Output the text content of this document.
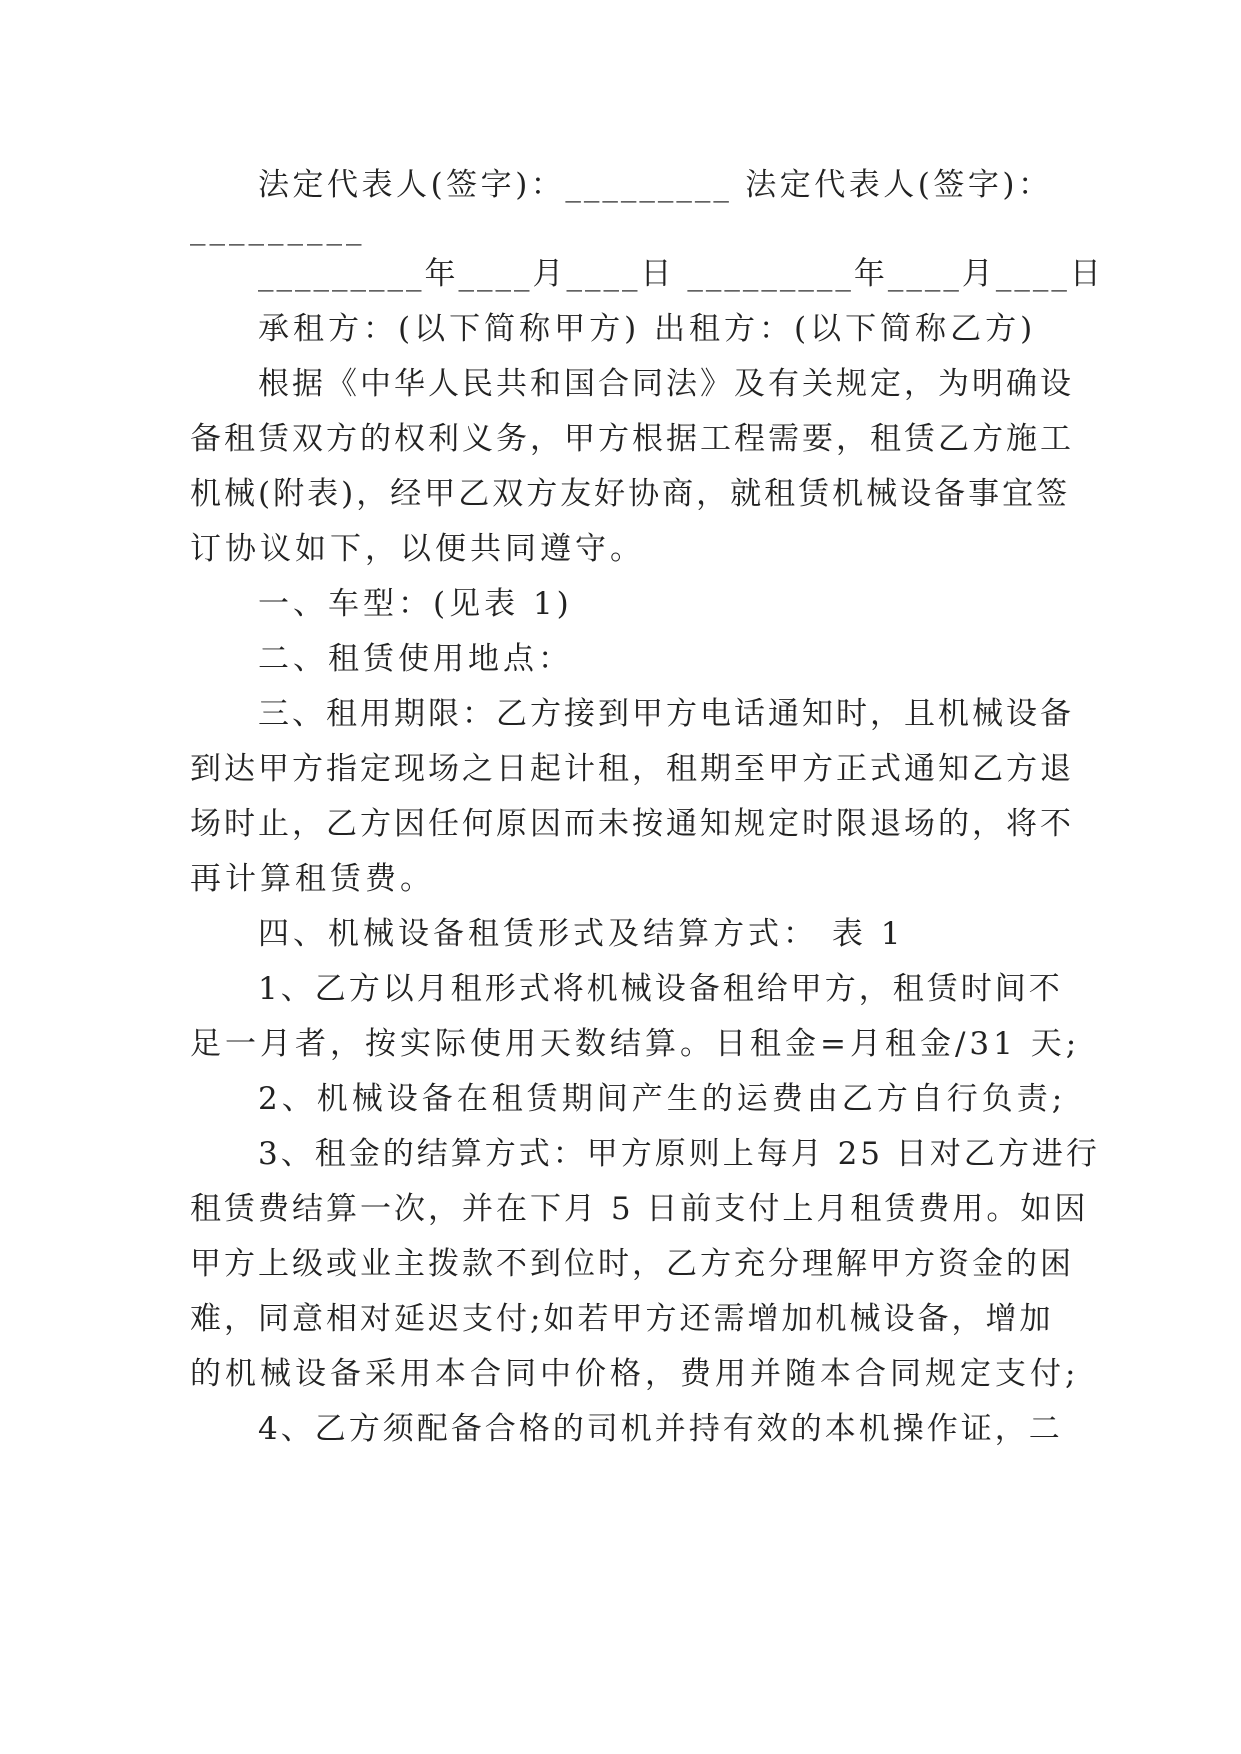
法定代表人(签字)：_________ 法定代表人(签字)：
_________
_________年____月____日 _________年____月____日
承租方：(以下简称甲方) 出租方：(以下简称乙方)
根据《中华人民共和国合同法》及有关规定，为明确设
备租赁双方的权利义务，甲方根据工程需要，租赁乙方施工
机械(附表)，经甲乙双方友好协商，就租赁机械设备事宜签
订协议如下，以便共同遵守。
一、车型：(见表 1)
二、租赁使用地点：
三、租用期限：乙方接到甲方电话通知时，且机械设备
到达甲方指定现场之日起计租，租期至甲方正式通知乙方退
场时止，乙方因任何原因而未按通知规定时限退场的，将不
再计算租赁费。
四、机械设备租赁形式及结算方式： 表 1
1、乙方以月租形式将机械设备租给甲方，租赁时间不
足一月者，按实际使用天数结算。日租金=月租金/31 天;
2、机械设备在租赁期间产生的运费由乙方自行负责;
3、租金的结算方式：甲方原则上每月 25 日对乙方进行
租赁费结算一次，并在下月 5 日前支付上月租赁费用。如因
甲方上级或业主拨款不到位时，乙方充分理解甲方资金的困
难，同意相对延迟支付;如若甲方还需增加机械设备，增加
的机械设备采用本合同中价格，费用并随本合同规定支付;
4、乙方须配备合格的司机并持有效的本机操作证，二
